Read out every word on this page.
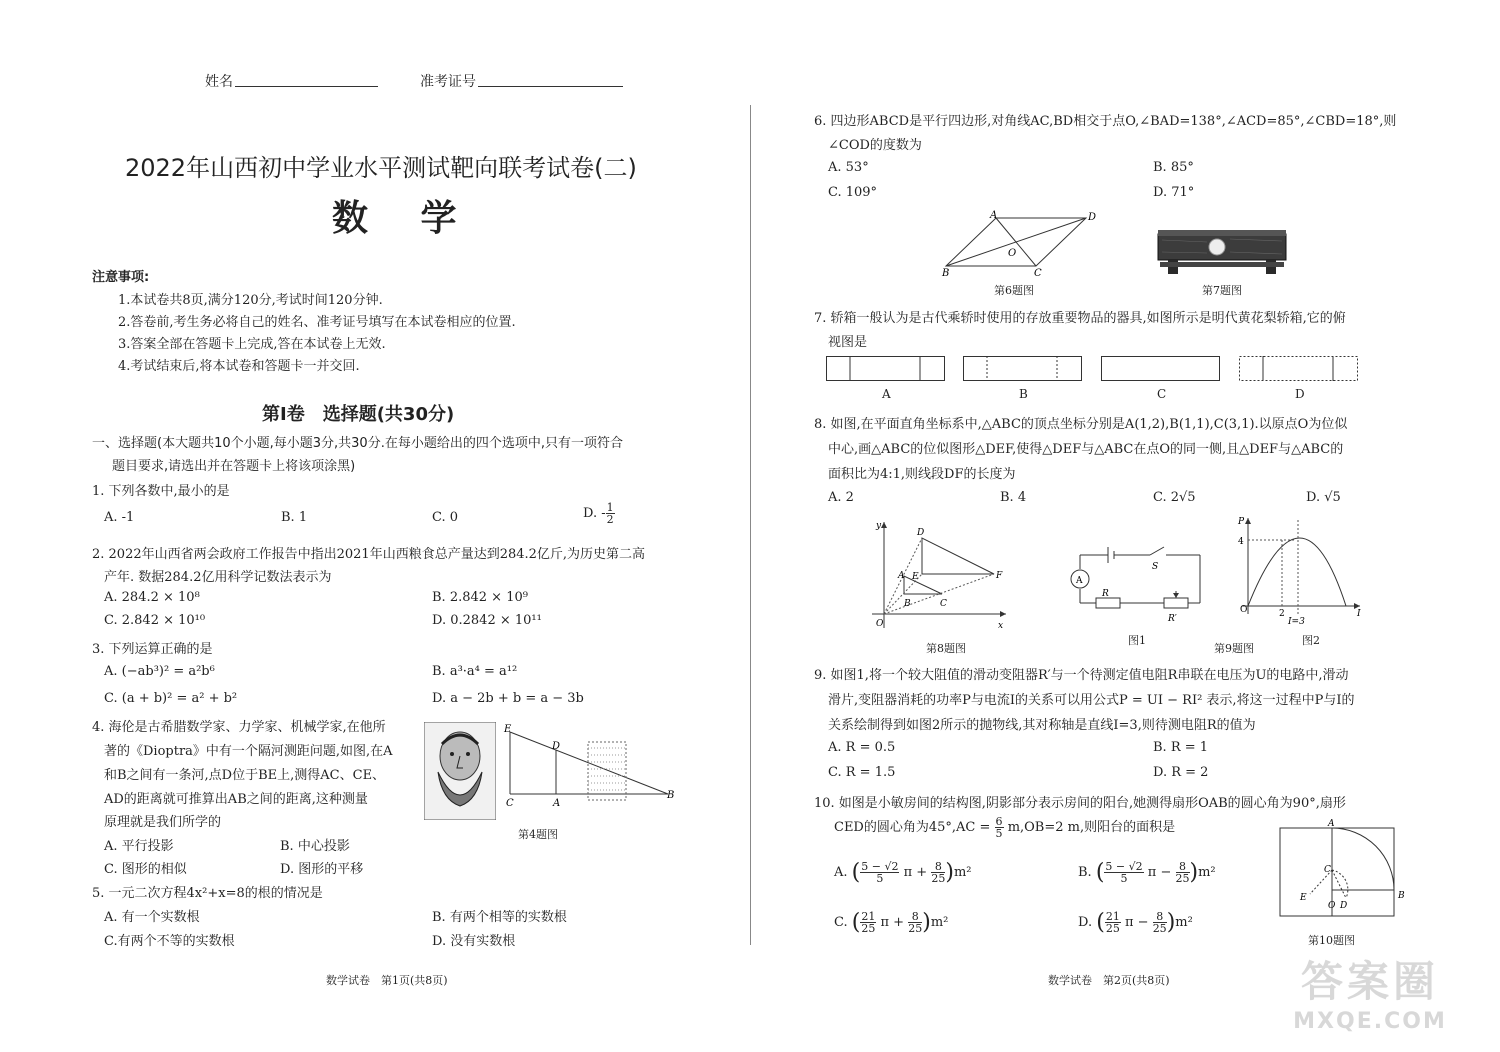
姓名	准考证号
2022年山西初中学业水平测试靶向联考试卷(二)
数 学
注意事项:
1.本试卷共8页,满分120分,考试时间120分钟.
2.答卷前,考生务必将自己的姓名、准考证号填写在本试卷相应的位置.
3.答案全部在答题卡上完成,答在本试卷上无效.
4.考试结束后,将本试卷和答题卡一并交回.
第Ⅰ卷　选择题(共30分)
一、选择题(本大题共10个小题,每小题3分,共30分.在每小题给出的四个选项中,只有一项符合
题目要求,请选出并在答题卡上将该项涂黑)
1. 下列各数中,最小的是
A. -1	B. 1	C. 0	D. - $\frac{1}{2}$
2. 2022年山西省两会政府工作报告中指出2021年山西粮食总产量达到284.2亿斤,为历史第二高
产年. 数据284.2亿用科学记数法表示为
A. 284.2 × 10⁸	B. 2.842 × 10⁹
C. 2.842 × 10¹⁰	D. 0.2842 × 10¹¹
3. 下列运算正确的是
A. (−ab³)² = a²b⁶	B. a³·a⁴ = a¹²
C. (a + b)² = a² + b²	D. a − 2b + b = a − 3b
4. 海伦是古希腊数学家、力学家、机械学家,在他所
著的《Dioptra》中有一个隔河测距问题,如图,在A
和B之间有一条河,点D位于BE上,测得AC、CE、
AD的距离就可推算出AB之间的距离,这种测量
原理就是我们所学的
A. 平行投影	B. 中心投影
C. 图形的相似	D. 图形的平移
E
D
C	A
B
第4题图
5. 一元二次方程4x²+x=8的根的情况是
A. 有一个实数根	B. 有两个相等的实数根
C.有两个不等的实数根	D. 没有实数根
数学试卷　第1页(共8页)
6. 四边形ABCD是平行四边形,对角线AC,BD相交于点O,∠BAD=138°,∠ACD=85°,∠CBD=18°,则
∠COD的度数为
A. 53°	B. 85°
C. 109°	D. 71°
A	D
O
B	C
第6题图	第7题图
7. 轿箱一般认为是古代乘轿时使用的存放重要物品的器具,如图所示是明代黄花梨轿箱,它的俯
视图是
A	B	C	D
8. 如图,在平面直角坐标系中,△ABC的顶点坐标分别是A(1,2),B(1,1),C(3,1).以原点O为位似
中心,画△ABC的位似图形△DEF,使得△DEF与△ABC在点O的同一侧,且△DEF与△ABC的
面积比为4:1,则线段DF的长度为
A. 2	B. 4	C. 2√5	D. √5
y
D
F
A E
B	C
O	x
第8题图
A
S
R
R′
图1
第9题图
P
4
O	2	I
I=3
图2
9. 如图1,将一个较大阻值的滑动变阻器R′与一个待测定值电阻R串联在电压为U的电路中,滑动
滑片,变阻器消耗的功率P与电流I的关系可以用公式P = UI − RI² 表示,将这一过程中P与I的
关系绘制得到如图2所示的抛物线,其对称轴是直线I=3,则待测电阻R的值为
A. R = 0.5	B. R = 1
C. R = 1.5	D. R = 2
10. 如图是小敏房间的结构图,阴影部分表示房间的阳台,她测得扇形OAB的圆心角为90°,扇形
CED的圆心角为$45^\circ,AC = \frac{6}{5} m,OB=2$ m,则阳台的面积是
A. ( $\frac{5 - √2}{5}$ $\pi + \frac{8}{25} )m^2$	B. ( $\frac{5 - √2}{5}$ $\pi - \frac{8}{25} )m^2$
C. ( $\frac{21}{25}$ $\pi + \frac{8}{25} )m^2$	D. ( $\frac{21}{25}$ $\pi - \frac{8}{25} )m^2$
A
C
E
O D
B
第10题图
数学试卷　第2页(共8页)	答案圈
MXQE.COM
